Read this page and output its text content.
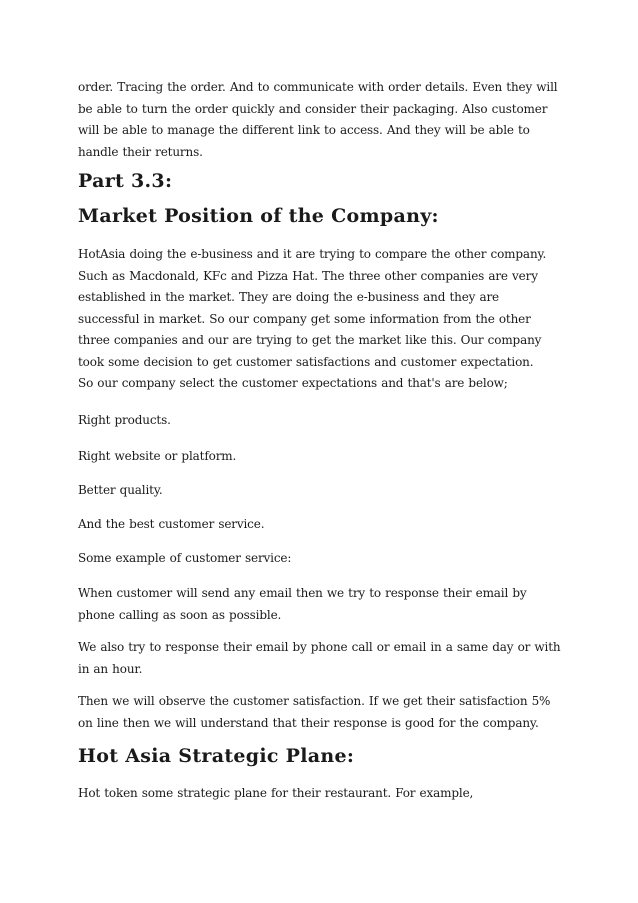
order. Tracing the order. And to communicate with order details. Even they will be able to turn the order quickly and consider their packaging. Also customer will be able to manage the different link to access. And they will be able to handle their returns.

Part 3.3:
Market Position of the Company:

HotAsia doing the e-business and it are trying to compare the other company. Such as Macdonald, KFc and Pizza Hat. The three other companies are very established in the market. They are doing the e-business and they are successful in market. So our company get some information from the other three companies and our are trying to get the market like this. Our company took some decision to get customer satisfactions and customer expectation.

So our company select the customer expectations and that's are below;

Right products.

Right website or platform.

Better quality.

And the best customer service.

Some example of customer service:

When customer will send any email then we try to response their email by phone calling as soon as possible.

We also try to response their email by phone call or email in a same day or with in an hour.

Then we will observe the customer satisfaction. If we get their satisfaction 5% on line then we will understand that their response is good for the company.

Hot Asia Strategic Plane:

Hot token some strategic plane for their restaurant. For example,
